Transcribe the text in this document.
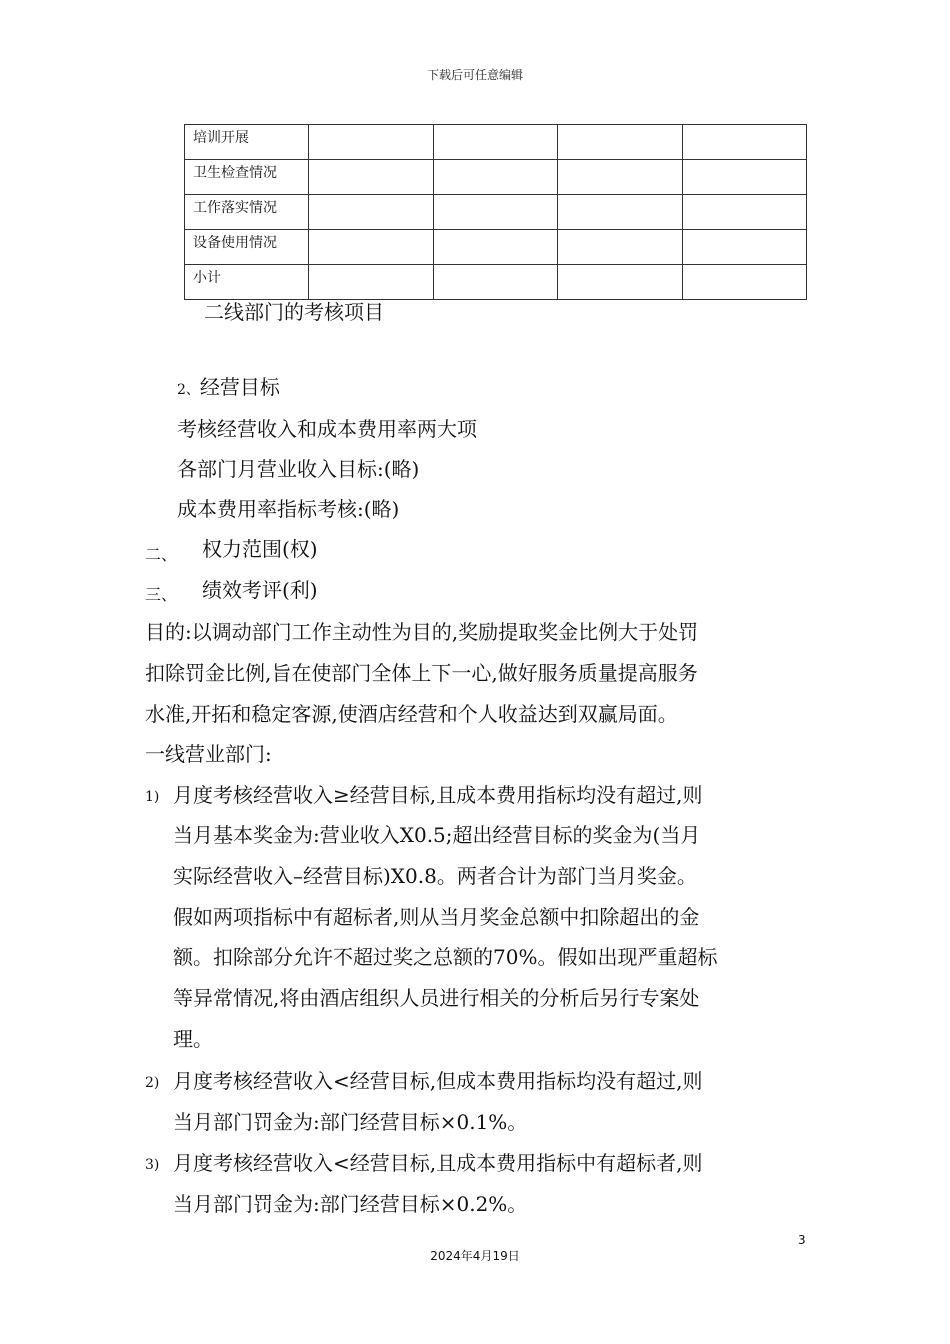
下载后可任意编辑
培训开展				
卫生检查情况				
工作落实情况				
设备使用情况				
小计				
二线部门的考核项目
2、经营目标
考核经营收入和成本费用率两大项
各部门月营业收入目标:(略)
成本费用率指标考核:(略)
二、 权力范围(权)
三、 绩效考评(利)
目的:以调动部门工作主动性为目的,奖励提取奖金比例大于处罚
扣除罚金比例,旨在使部门全体上下一心,做好服务质量提高服务
水准,开拓和稳定客源,使酒店经营和个人收益达到双赢局面。
一线营业部门:
1) 月度考核经营收入≥经营目标,且成本费用指标均没有超过,则
当月基本奖金为:营业收入X0.5;超出经营目标的奖金为(当月
实际经营收入–经营目标)X0.8。两者合计为部门当月奖金。
假如两项指标中有超标者,则从当月奖金总额中扣除超出的金
额。扣除部分允许不超过奖之总额的70%。假如出现严重超标
等异常情况,将由酒店组织人员进行相关的分析后另行专案处
理。
2) 月度考核经营收入<经营目标,但成本费用指标均没有超过,则
当月部门罚金为:部门经营目标×0.1%。
3) 月度考核经营收入<经营目标,且成本费用指标中有超标者,则
当月部门罚金为:部门经营目标×0.2%。
3
2024年4月19日
